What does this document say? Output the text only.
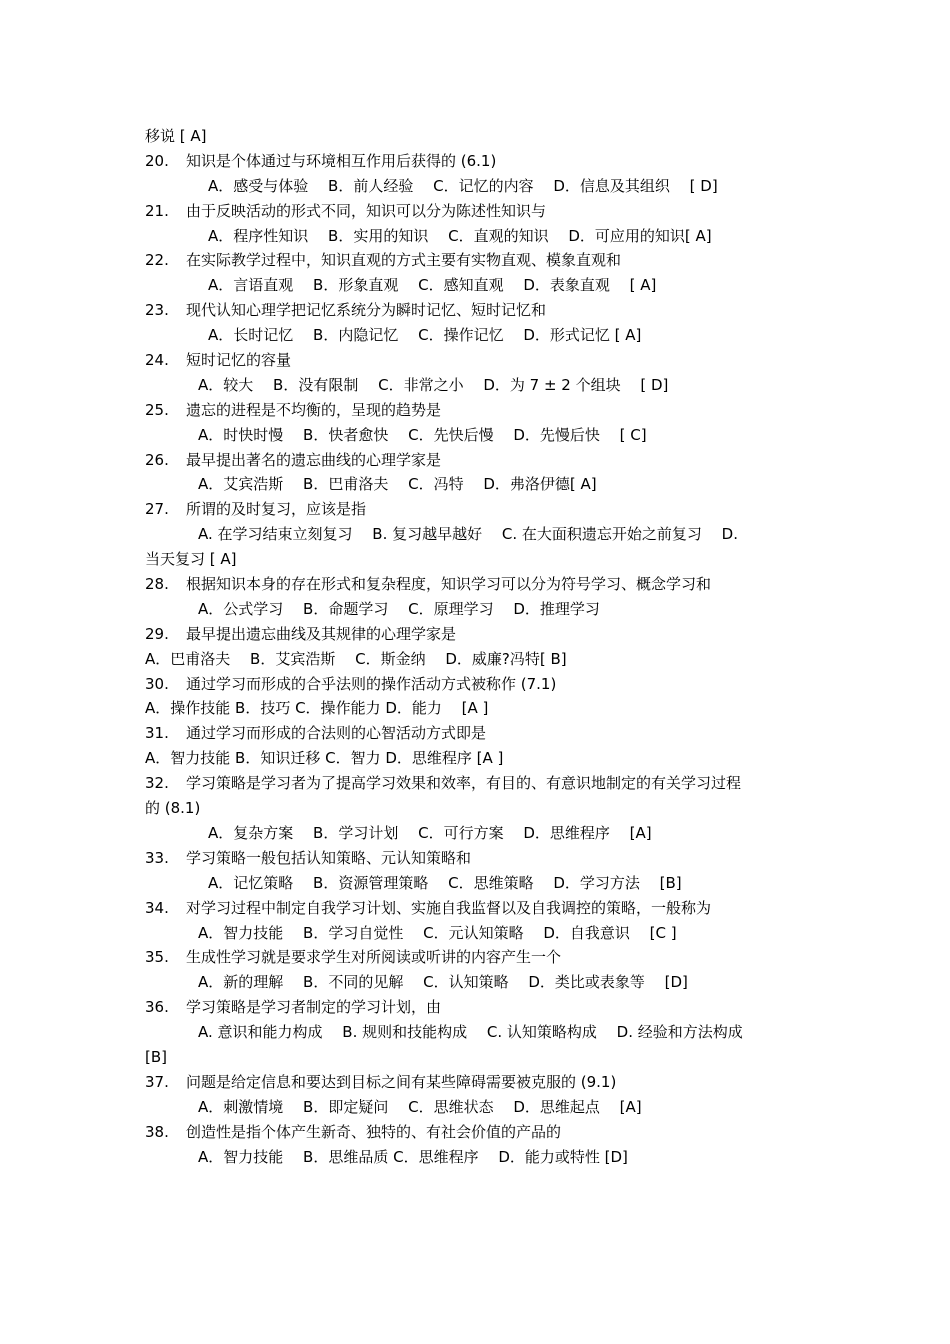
移说 [ A]
20. 知识是个体通过与环境相互作用后获得的 (6.1)
A．感受与体验　 B．前人经验　 C．记忆的内容　 D．信息及其组织　 [ D]
21. 由于反映活动的形式不同，知识可以分为陈述性知识与
A．程序性知识　 B．实用的知识　 C．直观的知识　 D．可应用的知识[ A]
22. 在实际教学过程中，知识直观的方式主要有实物直观、模象直观和
A．言语直观　 B．形象直观　 C．感知直观　 D．表象直观　 [ A]
23. 现代认知心理学把记忆系统分为瞬时记忆、短时记忆和
A．长时记忆　 B．内隐记忆　 C．操作记忆　 D．形式记忆 [ A]
24. 短时记忆的容量
A．较大　 B．没有限制　 C．非常之小　 D．为 7 ± 2 个组块　 [ D]
25. 遗忘的进程是不均衡的，呈现的趋势是
A．时快时慢　 B．快者愈快　 C．先快后慢　 D．先慢后快　 [ C]
26. 最早提出著名的遗忘曲线的心理学家是
A．艾宾浩斯　 B．巴甫洛夫　 C．冯特　 D．弗洛伊德[ A]
27. 所谓的及时复习，应该是指
A. 在学习结束立刻复习　 B. 复习越早越好　 C. 在大面积遗忘开始之前复习　 D.
当天复习 [ A]
28. 根据知识本身的存在形式和复杂程度，知识学习可以分为符号学习、概念学习和
A．公式学习　 B．命题学习　 C．原理学习　 D．推理学习
29. 最早提出遗忘曲线及其规律的心理学家是
A．巴甫洛夫　 B．艾宾浩斯　 C．斯金纳　 D．威廉?冯特[ B]
30. 通过学习而形成的合乎法则的操作活动方式被称作 (7.1)
A．操作技能 B．技巧 C．操作能力 D．能力　 [A ]
31. 通过学习而形成的合法则的心智活动方式即是
A．智力技能 B．知识迁移 C．智力 D．思维程序 [A ]
32. 学习策略是学习者为了提高学习效果和效率，有目的、有意识地制定的有关学习过程
的 (8.1)
A．复杂方案　 B．学习计划　 C．可行方案　 D．思维程序　 [A]
33. 学习策略一般包括认知策略、元认知策略和
A．记忆策略　 B．资源管理策略　 C．思维策略　 D．学习方法　 [B]
34. 对学习过程中制定自我学习计划、实施自我监督以及自我调控的策略，一般称为
A．智力技能　 B．学习自觉性　 C．元认知策略　 D．自我意识　 [C ]
35. 生成性学习就是要求学生对所阅读或听讲的内容产生一个
A．新的理解　 B．不同的见解　 C．认知策略　 D．类比或表象等　 [D]
36. 学习策略是学习者制定的学习计划，由
A. 意识和能力构成　 B. 规则和技能构成　 C. 认知策略构成　 D. 经验和方法构成
[B]
37. 问题是给定信息和要达到目标之间有某些障碍需要被克服的 (9.1)
A．刺激情境　 B．即定疑问　 C．思维状态　 D．思维起点　 [A]
38. 创造性是指个体产生新奇、独特的、有社会价值的产品的
A．智力技能　 B．思维品质 C．思维程序　 D．能力或特性 [D]
